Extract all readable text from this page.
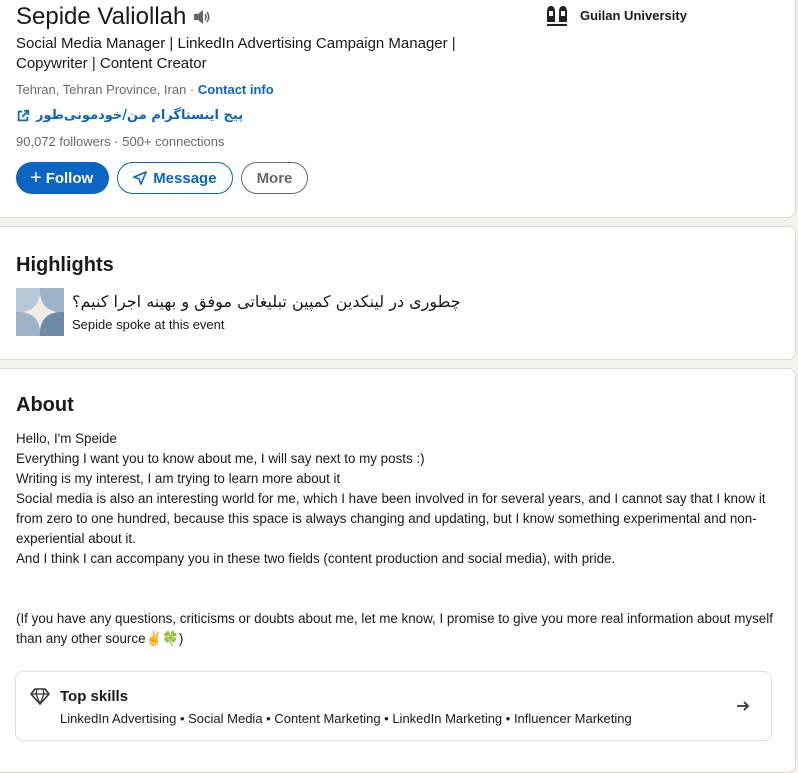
Sepide Valiollah
Social Media Manager | LinkedIn Advertising Campaign Manager | Copywriter | Content Creator
Tehran, Tehran Province, Iran · Contact info
پیج اینستاگرام من/خودمونی‌طور
90,072 followers · 500+ connections
+ Follow	Message	More
Guilan University
Highlights
چطوری در لینکدین کمپین تبلیغاتی موفق و بهینه اجرا کنیم؟
Sepide spoke at this event
About

Hello, I'm Speide

Everything I want you to know about me, I will say next to my posts :)

Writing is my interest, I am trying to learn more about it

Social media is also an interesting world for me, which I have been involved in for several years, and I cannot say that I know it from zero to one hundred, because this space is always changing and updating, but I know something experimental and non-experiential about it.

And I think I can accompany you in these two fields (content production and social media), with pride.

(If you have any questions, criticisms or doubts about me, let me know, I promise to give you more real information about myself than any other source✌️🍀)

Top skills
LinkedIn Advertising • Social Media • Content Marketing • LinkedIn Marketing • Influencer Marketing
